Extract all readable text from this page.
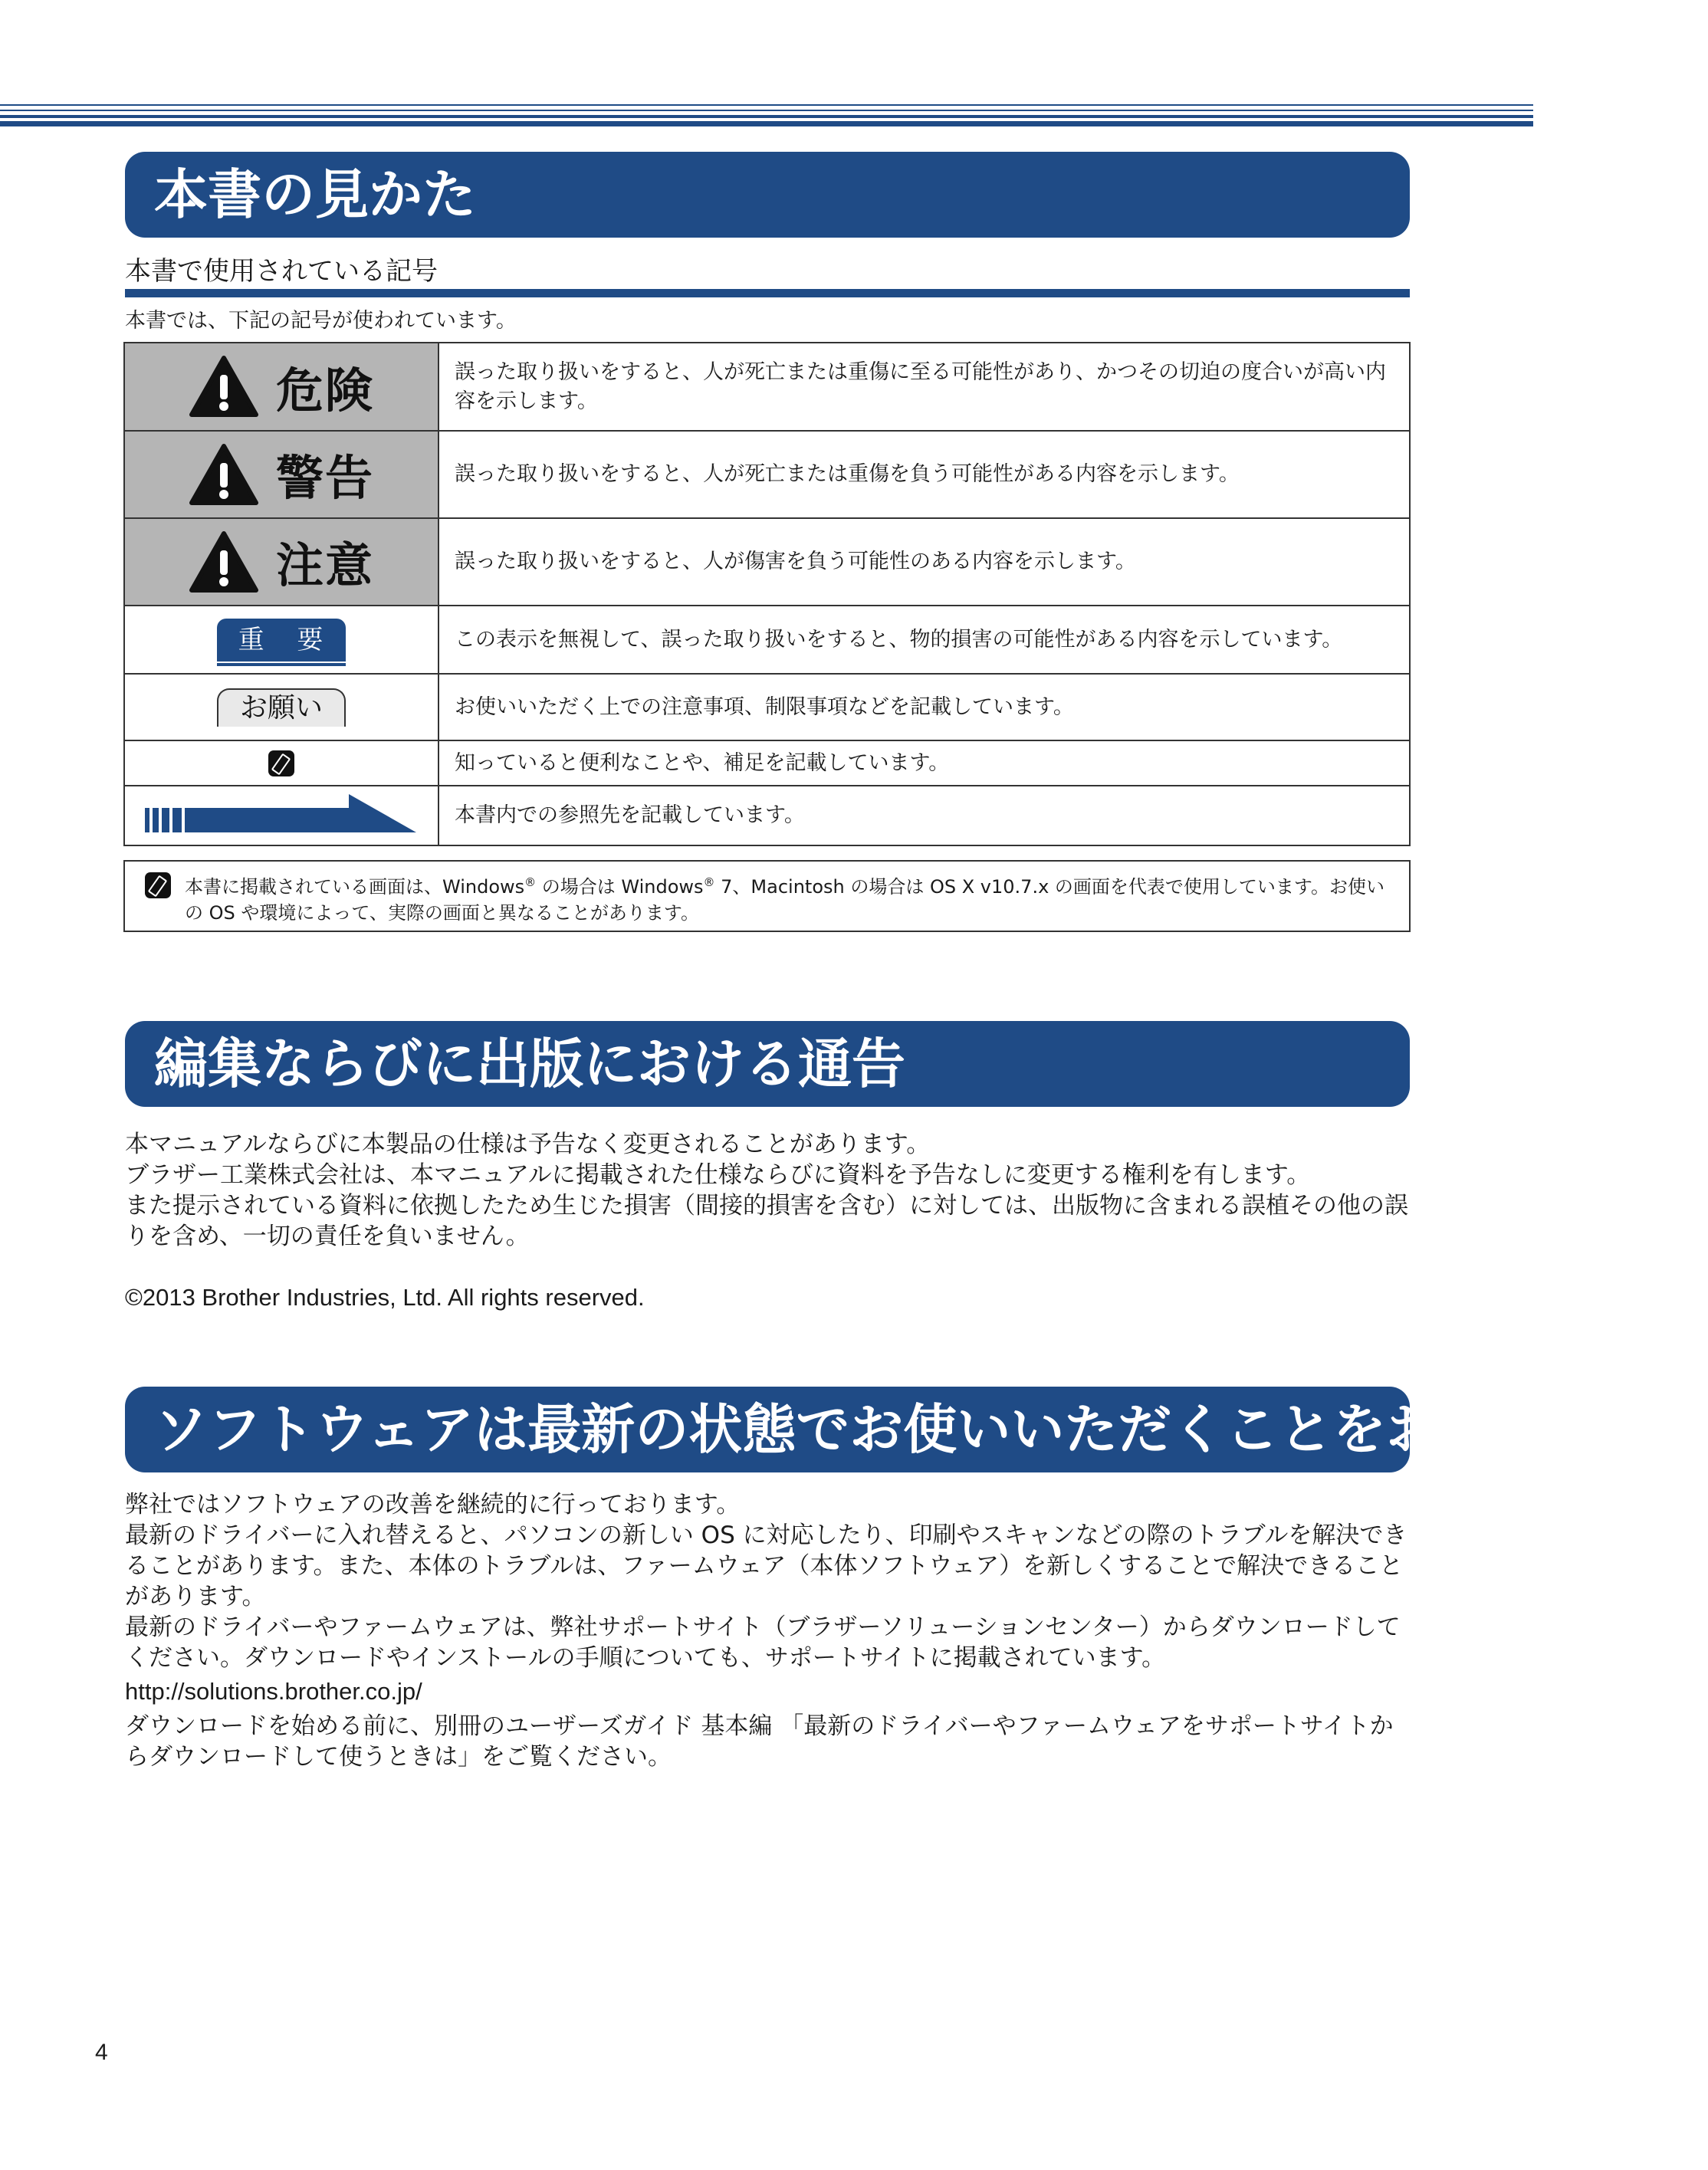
本書の見かた
本書で使用されている記号
本書では、下記の記号が使われています。
危険	誤った取り扱いをすると、人が死亡または重傷に至る可能性があり、かつその切迫の度合いが高い内容を示します。

警告	誤った取り扱いをすると、人が死亡または重傷を負う可能性がある内容を示します。

注意	誤った取り扱いをすると、人が傷害を負う可能性のある内容を示します。
重 要	この表示を無視して、誤った取り扱いをすると、物的損害の可能性がある内容を示しています。
お願い	お使いいただく上での注意事項、制限事項などを記載しています。
	知っていると便利なことや、補足を記載しています。
	本書内での参照先を記載しています。
本書に掲載されている画面は、Windows® の場合は Windows® 7、Macintosh の場合は OS X v10.7.x の画面を代表で使用しています。お使いの OS や環境によって、実際の画面と異なることがあります。
編集ならびに出版における通告
本マニュアルならびに本製品の仕様は予告なく変更されることがあります。
ブラザー工業株式会社は、本マニュアルに掲載された仕様ならびに資料を予告なしに変更する権利を有します。
また提示されている資料に依拠したため生じた損害（間接的損害を含む）に対しては、出版物に含まれる誤植その他の誤りを含め、一切の責任を負いません。
©2013 Brother Industries, Ltd. All rights reserved.
ソフトウェアは最新の状態でお使いいただくことをお勧めします
弊社ではソフトウェアの改善を継続的に行っております。
最新のドライバーに入れ替えると、パソコンの新しい OS に対応したり、印刷やスキャンなどの際のトラブルを解決できることがあります。また、本体のトラブルは、ファームウェア（本体ソフトウェア）を新しくすることで解決できることがあります。
最新のドライバーやファームウェアは、弊社サポートサイト（ブラザーソリューションセンター）からダウンロードしてください。ダウンロードやインストールの手順についても、サポートサイトに掲載されています。
http://solutions.brother.co.jp/
ダウンロードを始める前に、別冊のユーザーズガイド 基本編 「最新のドライバーやファームウェアをサポートサイトからダウンロードして使うときは」をご覧ください。
4
